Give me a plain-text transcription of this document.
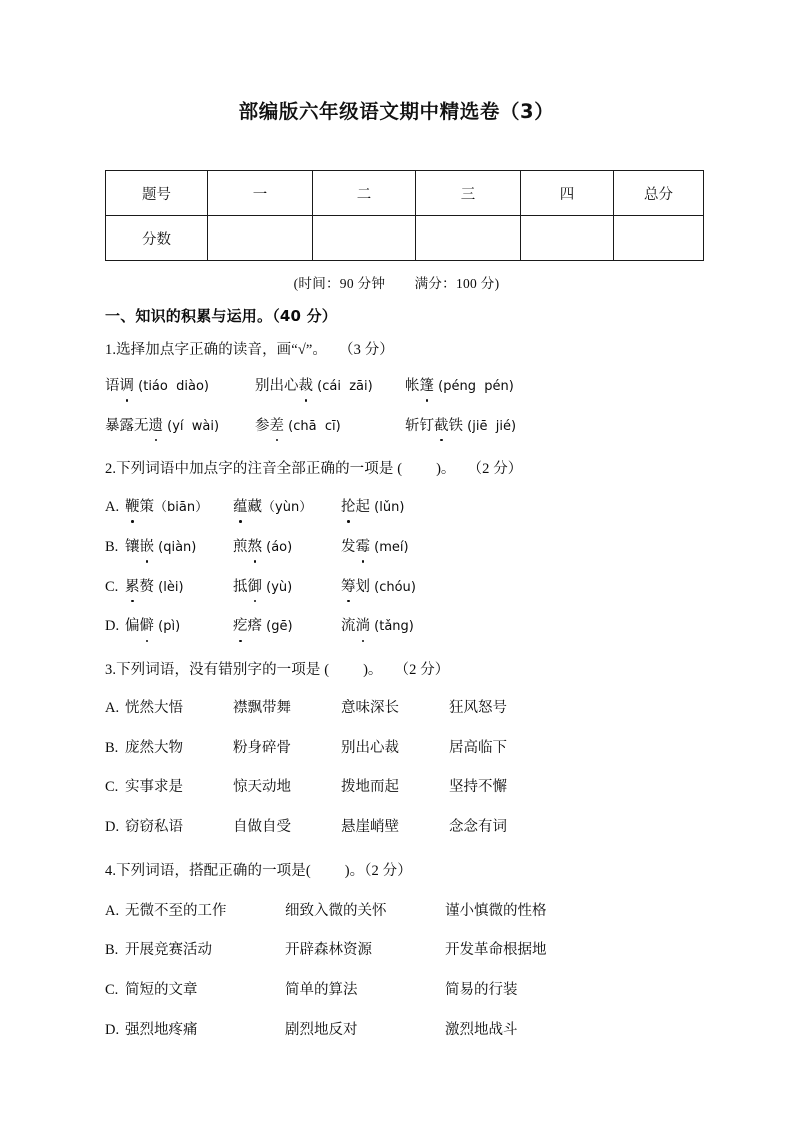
部编版六年级语文期中精选卷（3）
题号	一	二	三	四	总分
分数					
(时间：90 分钟 满分：100 分)
一、知识的积累与运用。（40 分）

1.选择加点字正确的读音，画“√”。 （3 分）

语调 (tiáo diào)	别出心裁 (cái zāi) 帐篷 (péng pén)

暴露无遗 (yí wài) 参差 (chā cī)	斩钉截铁 (jiē jié)

2.下列词语中加点字的注音全部正确的一项是 ( )。 （2 分）

A. 鞭策（biān） 蕴藏（yùn） 抡起 (lǔn)

B. 镶嵌 (qiàn)	煎熬 (áo)	发霉 (meí)

C. 累赘 (lèi)	抵御 (yù)	筹划 (chóu)

D. 偏僻 (pì)	疙瘩 (gē)	流淌 (tǎng)

3.下列词语，没有错别字的一项是 ( )。 （2 分）

A. 恍然大悟	襟飘带舞	意味深长	狂风怒号

B. 庞然大物	粉身碎骨	别出心裁	居高临下

C. 实事求是	惊天动地	拨地而起	坚持不懈

D. 窃窃私语	自做自受	悬崖峭壁	念念有词

4.下列词语，搭配正确的一项是( )。（2 分）

A. 无微不至的工作	细致入微的关怀	谨小慎微的性格

B. 开展竞赛活动	开辟森林资源	开发革命根据地

C. 简短的文章	简单的算法	简易的行装

D. 强烈地疼痛	剧烈地反对	激烈地战斗
